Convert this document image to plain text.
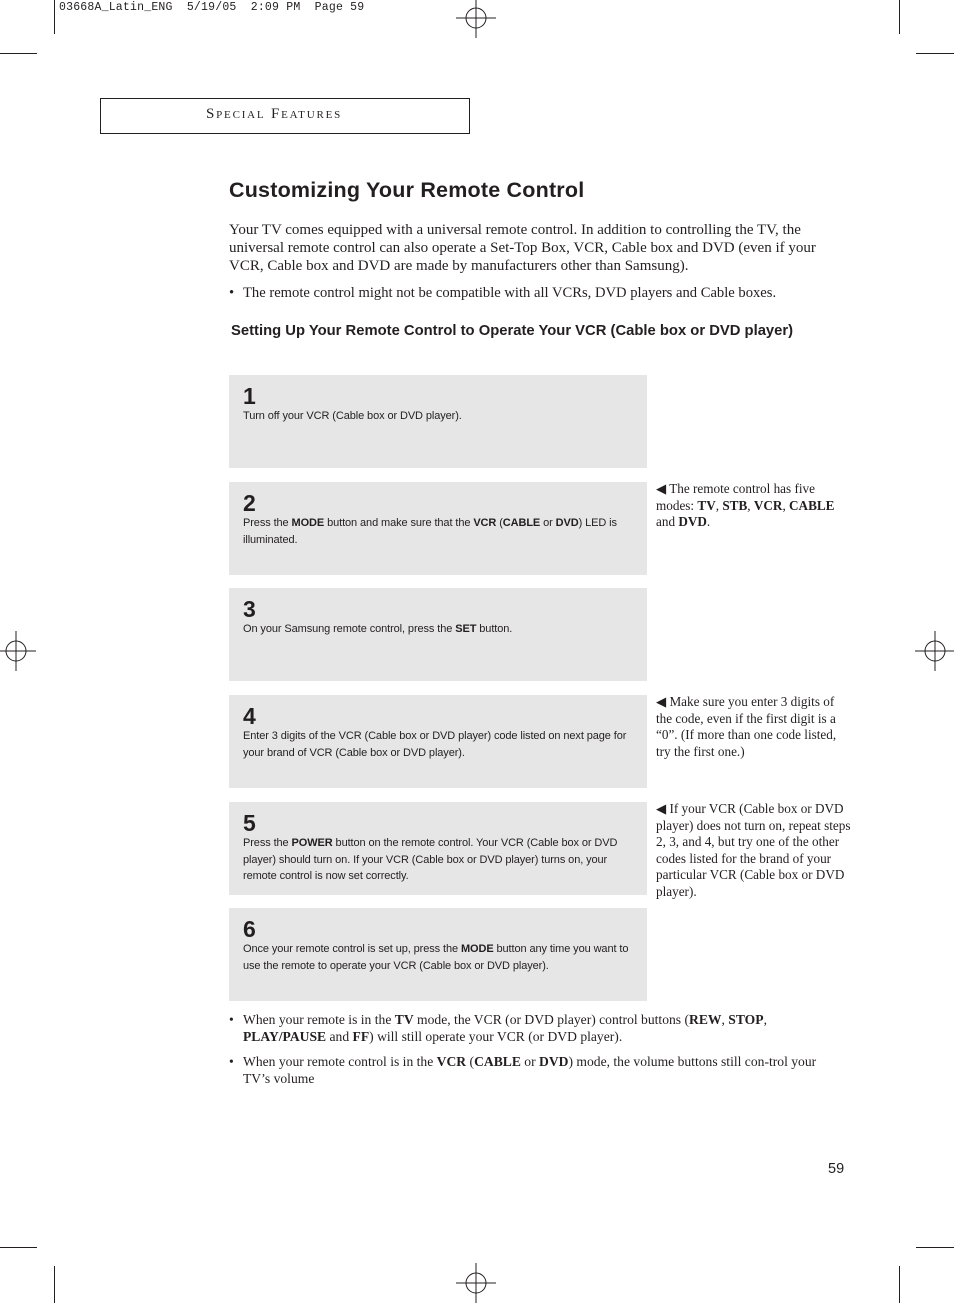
03668A_Latin_ENG  5/19/05  2:09 PM  Page 59
Special Features
Customizing Your Remote Control
Your TV comes equipped with a universal remote control. In addition to controlling the TV, the universal remote control can also operate a Set-Top Box, VCR, Cable box and DVD (even if your VCR, Cable box and DVD are made by manufacturers other than Samsung).
• The remote control might not be compatible with all VCRs, DVD players and Cable boxes.
Setting Up Your Remote Control to Operate Your VCR (Cable box or DVD player)
1
Turn off your VCR (Cable box or DVD player).
2
Press the MODE button and make sure that the VCR (CABLE or DVD) LED is illuminated.
3
On your Samsung remote control, press the SET button.
4
Enter 3 digits of the VCR (Cable box or DVD player) code listed on next page for your brand of VCR (Cable box or DVD player).
5
Press the POWER button on the remote control. Your VCR (Cable box or DVD player) should turn on. If your VCR (Cable box or DVD player) turns on, your remote control is now set correctly.
6
Once your remote control is set up, press the MODE button any time you want to use the remote to operate your VCR (Cable box or DVD player).
◀ The remote control has five modes: TV, STB, VCR, CABLE and DVD.
◀ Make sure you enter 3 digits of the code, even if the first digit is a “0”. (If more than one code listed, try the first one.)
◀ If your VCR (Cable box or DVD player) does not turn on, repeat steps 2, 3, and 4, but try one of the other codes listed for the brand of your particular VCR (Cable box or DVD player).
• When your remote is in the TV mode, the VCR (or DVD player) control buttons (REW, STOP, PLAY/PAUSE and FF) will still operate your VCR (or DVD player).
• When your remote control is in the VCR (CABLE or DVD) mode, the volume buttons still con-trol your TV’s volume
59
